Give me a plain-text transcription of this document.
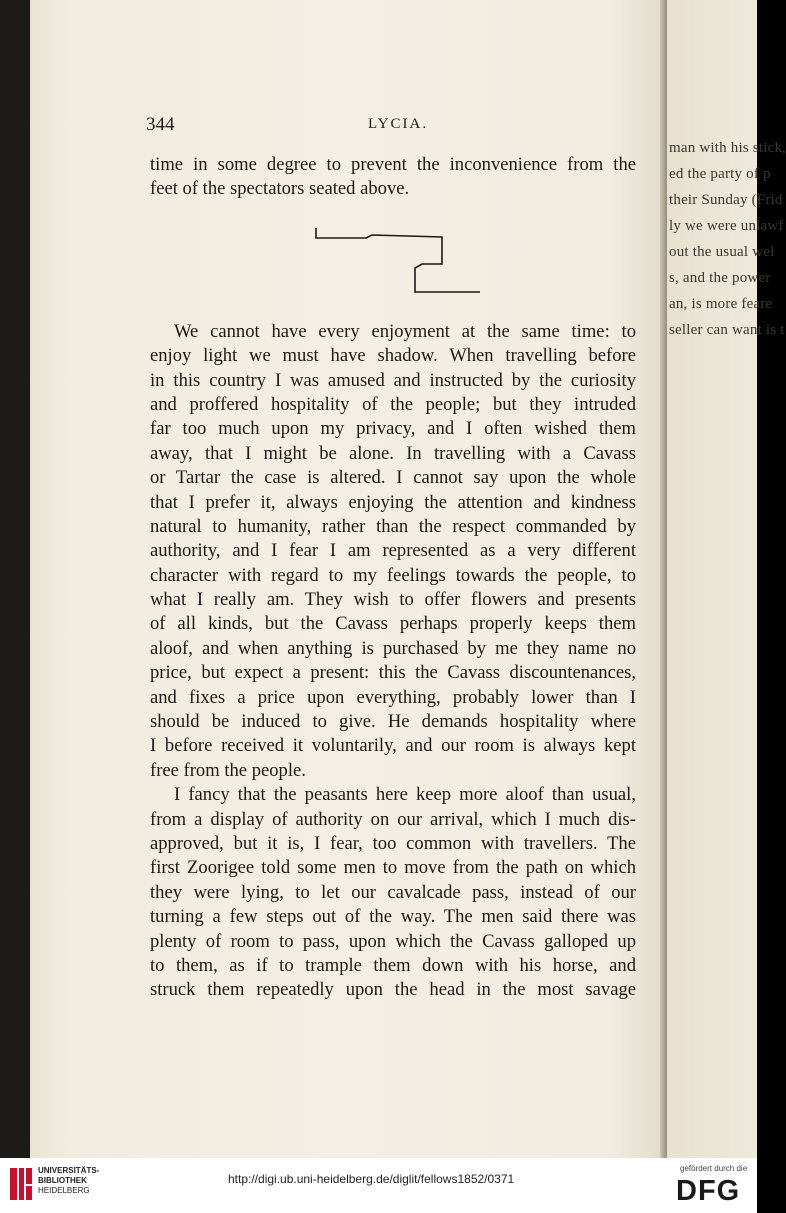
man with his stick,
ed the party of p
their Sunday (Frid
ly we were unlawf
out the usual wel
s, and the power
an, is more feare
seller can want is t
344	LYCIA.
time in some degree to prevent the inconvenience from the
feet of the spectators seated above.
We cannot have every enjoyment at the same time: to
enjoy light we must have shadow. When travelling before
in this country I was amused and instructed by the curiosity
and proffered hospitality of the people; but they intruded
far too much upon my privacy, and I often wished them
away, that I might be alone. In travelling with a Cavass
or Tartar the case is altered. I cannot say upon the whole
that I prefer it, always enjoying the attention and kindness
natural to humanity, rather than the respect commanded by
authority, and I fear I am represented as a very different
character with regard to my feelings towards the people, to
what I really am. They wish to offer flowers and presents
of all kinds, but the Cavass perhaps properly keeps them
aloof, and when anything is purchased by me they name no
price, but expect a present: this the Cavass discountenances,
and fixes a price upon everything, probably lower than I
should be induced to give. He demands hospitality where
I before received it voluntarily, and our room is always kept
free from the people.
I fancy that the peasants here keep more aloof than usual,
from a display of authority on our arrival, which I much dis-
approved, but it is, I fear, too common with travellers. The
first Zoorigee told some men to move from the path on which
they were lying, to let our cavalcade pass, instead of our
turning a few steps out of the way. The men said there was
plenty of room to pass, upon which the Cavass galloped up
to them, as if to trample them down with his horse, and
struck them repeatedly upon the head in the most savage
UNIVERSITÄTS-
BIBLIOTHEK
HEIDELBERG
http://digi.ub.uni-heidelberg.de/diglit/fellows1852/0371
gefördert durch die
DFG
